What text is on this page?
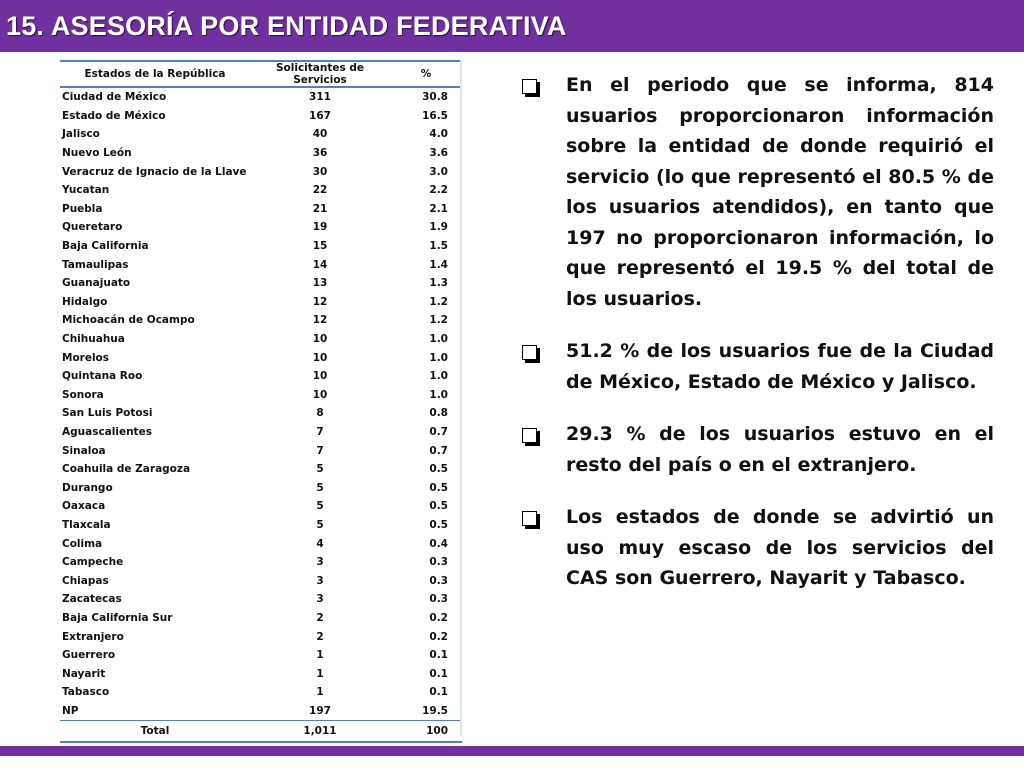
15. ASESORÍA POR ENTIDAD FEDERATIVA
Estados de la República	Solicitantes de Servicios	%
Ciudad de México	311	30.8
Estado de México	167	16.5
Jalisco	40	4.0
Nuevo León	36	3.6
Veracruz de Ignacio de la Llave	30	3.0
Yucatan	22	2.2
Puebla	21	2.1
Queretaro	19	1.9
Baja California	15	1.5
Tamaulipas	14	1.4
Guanajuato	13	1.3
Hidalgo	12	1.2
Michoacán de Ocampo	12	1.2
Chihuahua	10	1.0
Morelos	10	1.0
Quintana Roo	10	1.0
Sonora	10	1.0
San Luis Potosi	8	0.8
Aguascalientes	7	0.7
Sinaloa	7	0.7
Coahuila de Zaragoza	5	0.5
Durango	5	0.5
Oaxaca	5	0.5
Tlaxcala	5	0.5
Colima	4	0.4
Campeche	3	0.3
Chiapas	3	0.3
Zacatecas	3	0.3
Baja California Sur	2	0.2
Extranjero	2	0.2
Guerrero	1	0.1
Nayarit	1	0.1
Tabasco	1	0.1
NP	197	19.5
Total	1,011	100
En el periodo que se informa, 814 usuarios proporcionaron información sobre la entidad de donde requirió el servicio (lo que representó el 80.5 % de los usuarios atendidos), en tanto que 197 no proporcionaron información, lo que representó el 19.5 % del total de los usuarios.
51.2 % de los usuarios fue de la Ciudad de México, Estado de México y Jalisco.
29.3 % de los usuarios estuvo en el resto del país o en el extranjero.
Los estados de donde se advirtió un uso muy escaso de los servicios del CAS son Guerrero, Nayarit y Tabasco.
